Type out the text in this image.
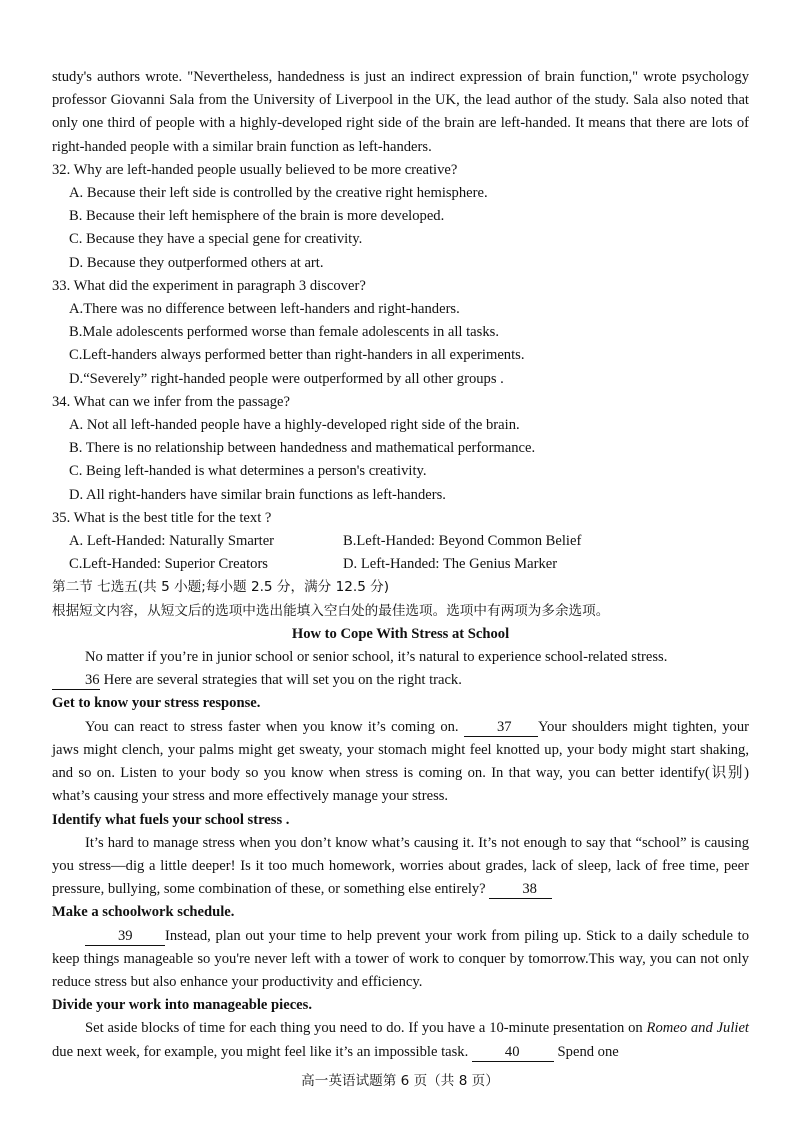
study's authors wrote. "Nevertheless, handedness is just an indirect expression of brain function," wrote psychology professor Giovanni Sala from the University of Liverpool in the UK, the lead author of the study. Sala also noted that only one third of people with a highly-developed right side of the brain are left-handed. It means that there are lots of right-handed people with a similar brain function as left-handers.

32. Why are left-handed people usually believed to be more creative?

A. Because their left side is controlled by the creative right hemisphere.

B. Because their left hemisphere of the brain is more developed.

C. Because they have a special gene for creativity.

D. Because they outperformed others at art.

33. What did the experiment in paragraph 3 discover?

A.There was no difference between left-handers and right-handers.

B.Male adolescents performed worse than female adolescents in all tasks.

C.Left-handers always performed better than right-handers in all experiments.

D.“Severely” right-handed people were outperformed by all other groups .

34. What can we infer from the passage?

A. Not all left-handed people have a highly-developed right side of the brain.

B. There is no relationship between handedness and mathematical performance.

C. Being left-handed is what determines a person's creativity.

D. All right-handers have similar brain functions as left-handers.

35. What is the best title for the text ?

A. Left-Handed: Naturally Smarter	B.Left-Handed: Beyond Common Belief

C.Left-Handed: Superior Creators	D. Left-Handed: The Genius Marker

第二节 七选五(共 5 小题;每小题 2.5 分，满分 12.5 分)

根据短文内容，从短文后的选项中选出能填入空白处的最佳选项。选项中有两项为多余选项。

How to Cope With Stress at School

No matter if you’re in junior school or senior school, it’s natural to experience school-related stress.
36 Here are several strategies that will set you on the right track.

Get to know your stress response.

You can react to stress faster when you know it’s coming on.	37 Your shoulders might tighten, your jaws might clench, your palms might get sweaty, your stomach might feel knotted up, your body might start shaking, and so on. Listen to your body so you know when stress is coming on. In that way, you can better identify(识别) what’s causing your stress and more effectively manage your stress.

Identify what fuels your school stress .

It’s hard to manage stress when you don’t know what’s causing it. It’s not enough to say that “school” is causing you stress—dig a little deeper! Is it too much homework, worries about grades, lack of sleep, lack of free time, peer pressure, bullying, some combination of these, or something else entirely?	38

Make a schoolwork schedule.

39 Instead, plan out your time to help prevent your work from piling up. Stick to a daily schedule to keep things manageable so you're never left with a tower of work to conquer by tomorrow.This way, you can not only reduce stress but also enhance your productivity and efficiency.

Divide your work into manageable pieces.

Set aside blocks of time for each thing you need to do. If you have a 10-minute presentation on Romeo and Juliet due next week, for example, you might feel like it’s an impossible task.	40	Spend one

高一英语试题第 6 页（共 8 页）
